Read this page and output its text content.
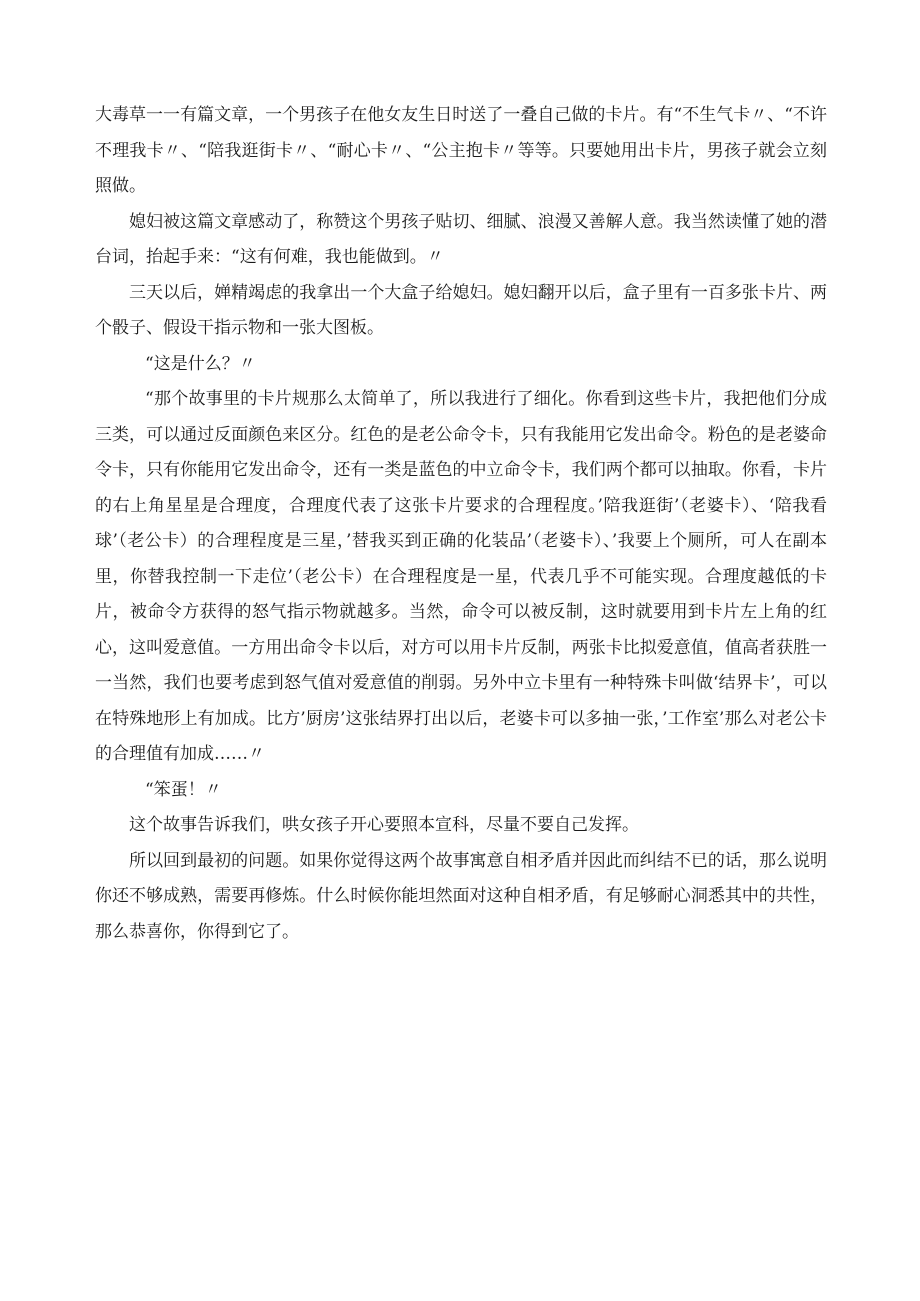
大毒草一一有篇文章，一个男孩子在他女友生日时送了一叠自己做的卡片。有“不生气卡〃、“不许不理我卡〃、“陪我逛街卡〃、“耐心卡〃、“公主抱卡〃等等。只要她用出卡片，男孩子就会立刻照做。

媳妇被这篇文章感动了，称赞这个男孩子贴切、细腻、浪漫又善解人意。我当然读懂了她的潜台词，抬起手来：“这有何难，我也能做到。〃

三天以后，婵精竭虑的我拿出一个大盒子给媳妇。媳妇翻开以后，盒子里有一百多张卡片、两个骰子、假设干指示物和一张大图板。

“这是什么？〃

“那个故事里的卡片规那么太简单了，所以我进行了细化。你看到这些卡片，我把他们分成三类，可以通过反面颜色来区分。红色的是老公命令卡，只有我能用它发出命令。粉色的是老婆命令卡，只有你能用它发出命令，还有一类是蓝色的中立命令卡，我们两个都可以抽取。你看，卡片的右上角星星是合理度，合理度代表了这张卡片要求的合理程度。’陪我逛街’（老婆卡）、‘陪我看球’（老公卡）的合理程度是三星，’替我买到正确的化装品’（老婆卡）、’我要上个厕所，可人在副本里，你替我控制一下走位’（老公卡）在合理程度是一星，代表几乎不可能实现。合理度越低的卡片，被命令方获得的怒气指示物就越多。当然，命令可以被反制，这时就要用到卡片左上角的红心，这叫爱意值。一方用出命令卡以后，对方可以用卡片反制，两张卡比拟爱意值，值高者获胜一一当然，我们也要考虑到怒气值对爱意值的削弱。另外中立卡里有一种特殊卡叫做‘结界卡’，可以在特殊地形上有加成。比方’厨房’这张结界打出以后，老婆卡可以多抽一张，’工作室’那么对老公卡的合理值有加成……〃

“笨蛋！〃

这个故事告诉我们，哄女孩子开心要照本宣科，尽量不要自己发挥。

所以回到最初的问题。如果你觉得这两个故事寓意自相矛盾并因此而纠结不已的话，那么说明你还不够成熟，需要再修炼。什么时候你能坦然面对这种自相矛盾，有足够耐心洞悉其中的共性，那么恭喜你，你得到它了。
